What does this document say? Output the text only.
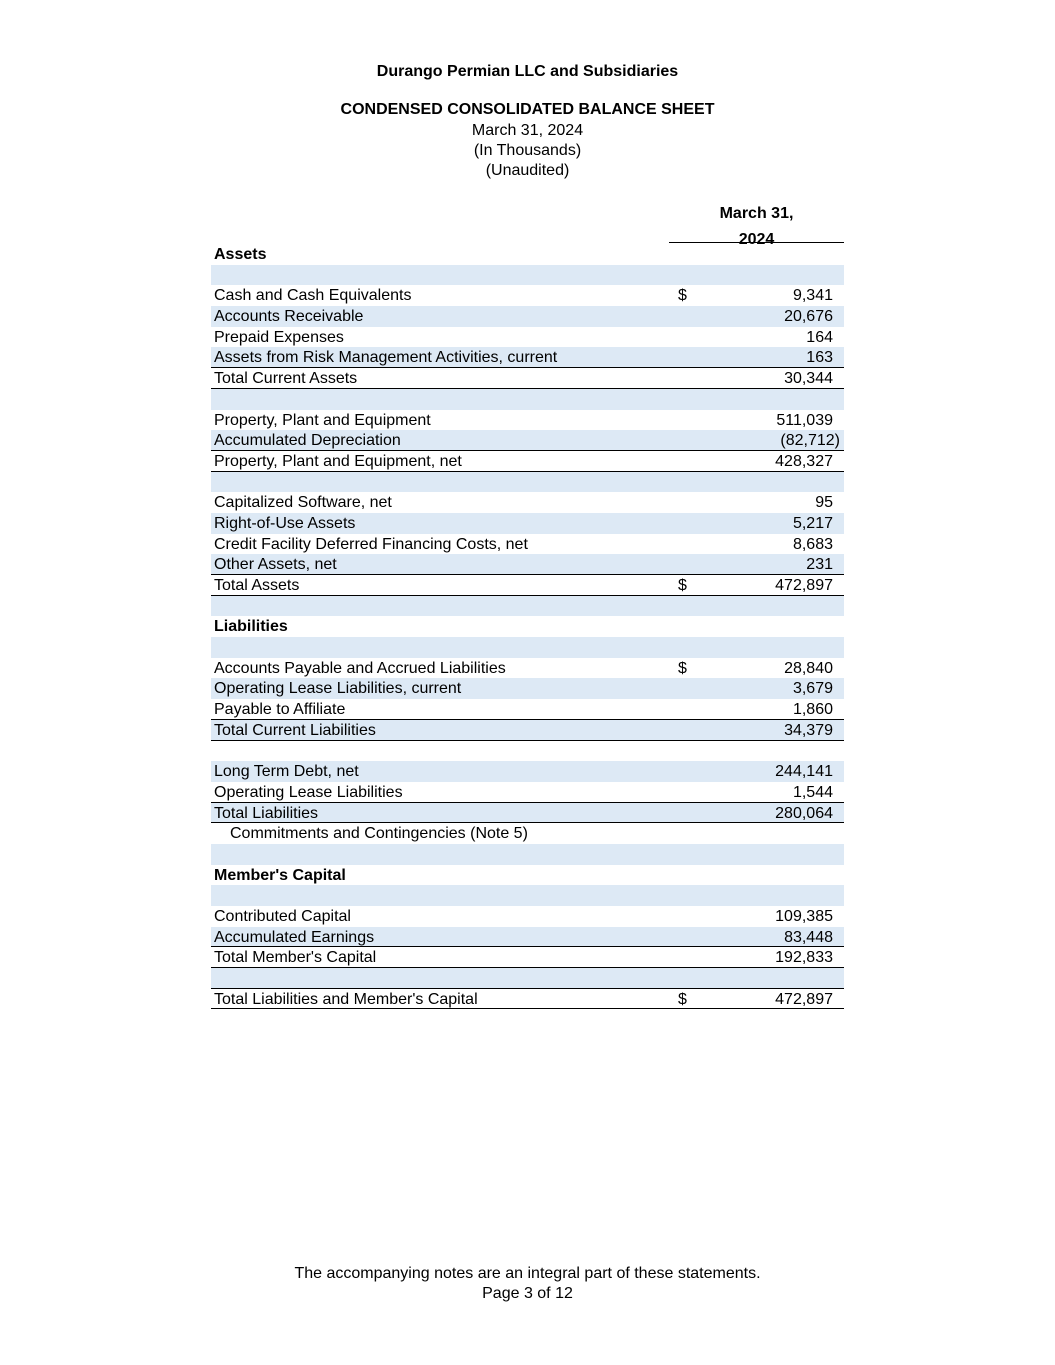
Durango Permian LLC and Subsidiaries
CONDENSED CONSOLIDATED BALANCE SHEET
March 31, 2024
(In Thousands)
(Unaudited)
March 31,
2024
Assets
Cash and Cash Equivalents	$	9,341
Accounts Receivable	20,676
Prepaid Expenses	164
Assets from Risk Management Activities, current	163
Total Current Assets	30,344
Property, Plant and Equipment	511,039
Accumulated Depreciation	(82,712)
Property, Plant and Equipment, net	428,327
Capitalized Software, net	95
Right-of-Use Assets	5,217
Credit Facility Deferred Financing Costs, net	8,683
Other Assets, net	231
Total Assets	$	472,897
Liabilities
Accounts Payable and Accrued Liabilities	$	28,840
Operating Lease Liabilities, current	3,679
Payable to Affiliate	1,860
Total Current Liabilities	34,379
Long Term Debt, net	244,141
Operating Lease Liabilities	1,544
Total Liabilities	280,064
Commitments and Contingencies (Note 5)
Member's Capital
Contributed Capital	109,385
Accumulated Earnings	83,448
Total Member's Capital	192,833
Total Liabilities and Member's Capital	$	472,897
The accompanying notes are an integral part of these statements.
Page 3 of 12
